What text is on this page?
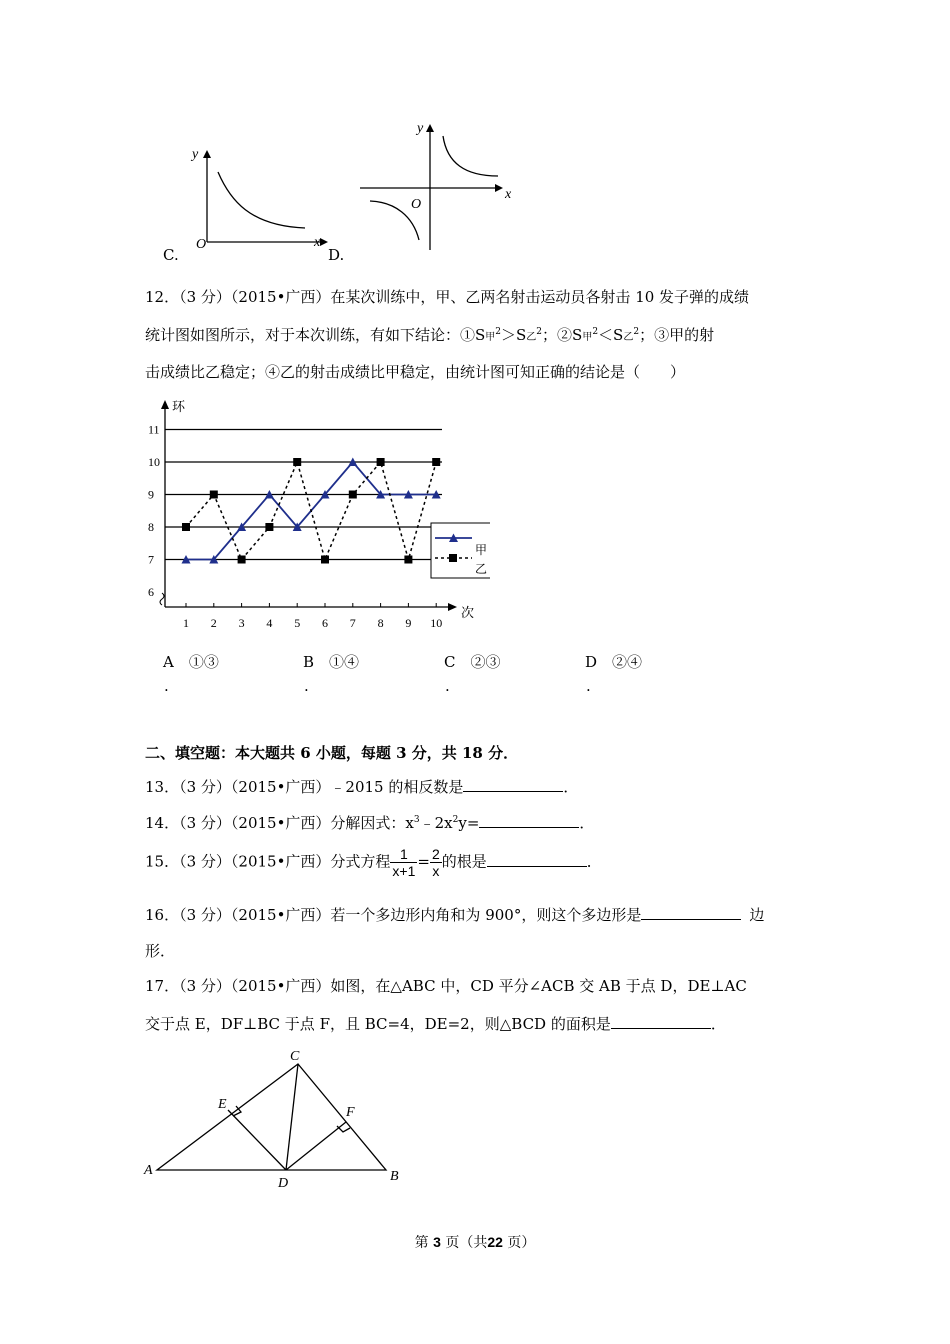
O	x
y
C.
O
x
y
D.
12．（3 分）（2015•广西）在某次训练中，甲、乙两名射击运动员各射击 10 发子弹的成绩
统计图如图所示，对于本次训练，有如下结论：①S甲$^2$＞S乙$^2$；②S甲$^2$＜S乙$^2$；③甲的射
击成绩比乙稳定；④乙的射击成绩比甲稳定，由统计图可知正确的结论是（　　）
6
7
8
9
10
11
环
次
1 2 3 4 5 6 7 8 9 10
甲
乙
A　①③
.
B　①④
.
C　②③
.
D　②④
.
二、填空题：本大题共 6 小题，每题 3 分，共 18 分．
13．（3 分）（2015•广西）﹣2015 的相反数是	．
14．（3 分）（2015•广西）分解因式：$x^3﹣2x^2y=$	．
15．（3 分）（2015•广西）分式方程 $\frac{1}{x+1} = \frac{2}{x}$ 的根是	．
16．（3 分）（2015•广西）若一个多边形内角和为 900°，则这个多边形是	边
形．
17．（3 分）（2015•广西）如图，在△ABC 中，CD 平分∠ACB 交 AB 于点 D，DE⊥AC
交于点 E，DF⊥BC 于点 F，且 BC=4，DE=2，则△BCD 的面积是	．
A	B
C
D
E
F
第 3 页（共22 页）
